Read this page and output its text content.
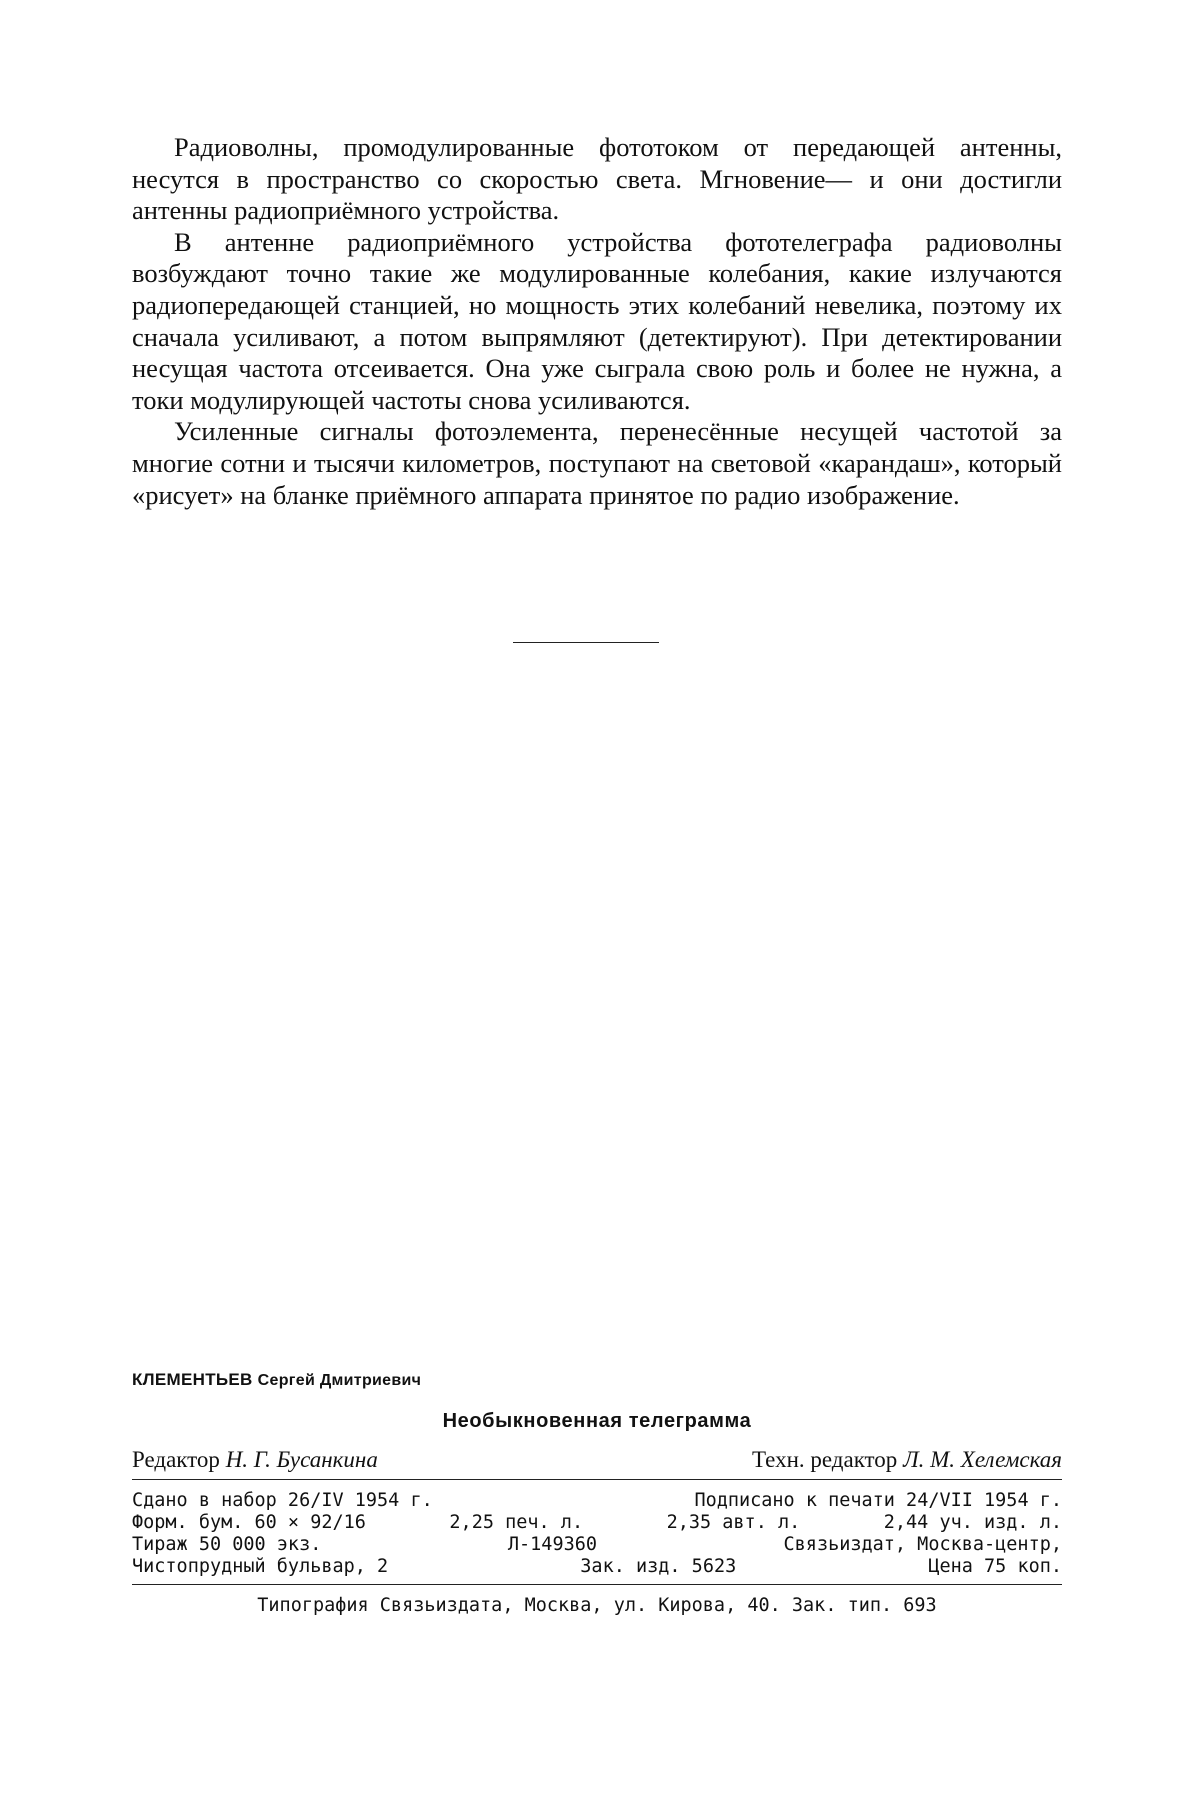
Радиоволны, промодулированные фототоком от передающей антенны, несутся в пространство со скоростью света. Мгновение— и они достигли антенны радиоприёмного устройства.

В антенне радиоприёмного устройства фототелеграфа радиоволны возбуждают точно такие же модулированные колебания, какие излучаются радиопередающей станцией, но мощность этих колебаний невелика, поэтому их сначала усиливают, а потом выпрямляют (детектируют). При детектировании несущая частота отсеивается. Она уже сыграла свою роль и более не нужна, а токи модулирующей частоты снова усиливаются.

Усиленные сигналы фотоэлемента, перенесённые несущей частотой за многие сотни и тысячи километров, поступают на световой «карандаш», который «рисует» на бланке приёмного аппарата принятое по радио изображение.

КЛЕМЕНТЬЕВ Сергей Дмитриевич
Необыкновенная телеграмма
Редактор Н. Г. Бусанкина	Техн. редактор Л. М. Хелемская
Сдано в набор 26/IV 1954 г.	Подписано к печати 24/VII 1954 г.
Форм. бум. 60 × 92/16	2,25 печ. л.	2,35 авт. л.	2,44 уч. изд. л.
Тираж 50 000 экз.	Л-149360	Связьиздат, Москва-центр,
Чистопрудный бульвар, 2	Зак. изд. 5623	Цена 75 коп.
Типография Связьиздата, Москва, ул. Кирова, 40. Зак. тип. 693
